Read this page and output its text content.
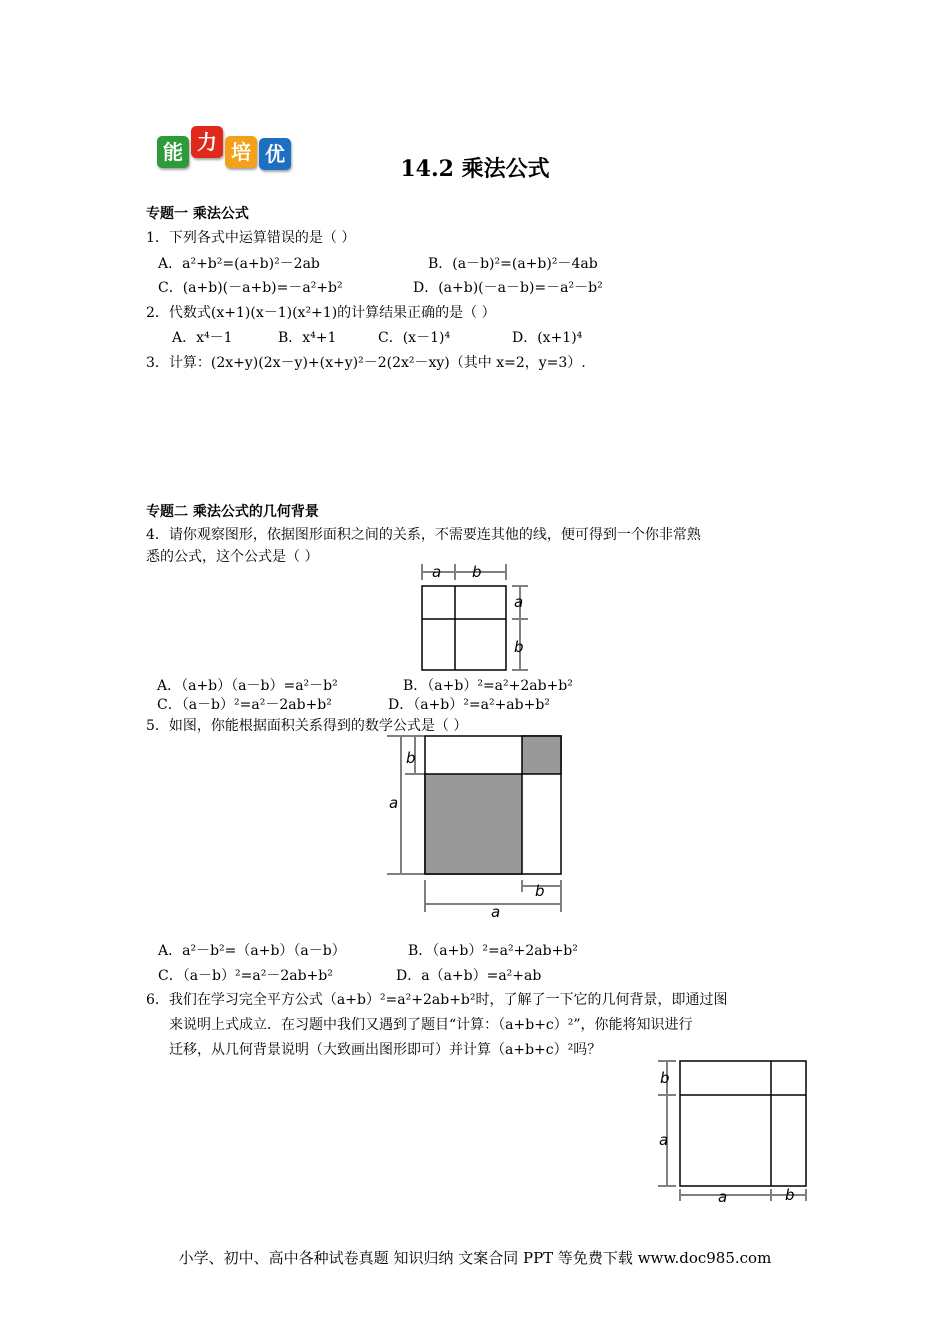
能 力 培 优
14.2 乘法公式
专题一 乘法公式
1．下列各式中运算错误的是（ ）
A．a²+b²=(a+b)²－2ab	B．(a－b)²=(a+b)²－4ab
C．(a+b)(－a+b)=－a²+b²	D．(a+b)(－a－b)=－a²－b²
2．代数式(x+1)(x－1)(x²+1)的计算结果正确的是（ ）
A．x⁴－1	B．x⁴+1	C．(x－1)⁴	D．(x+1)⁴
3．计算：(2x+y)(2x－y)+(x+y)²－2(2x²－xy)（其中 x=2，y=3）.
专题二 乘法公式的几何背景
4．请你观察图形，依据图形面积之间的关系，不需要连其他的线，便可得到一个你非常熟
悉的公式，这个公式是（ ）
a b
a
b
A．（a+b）（a－b）=a²－b²	B．（a+b）²=a²+2ab+b²
C．（a－b）²=a²－2ab+b²	D．（a+b）²=a²+ab+b²
5．如图，你能根据面积关系得到的数学公式是（ ）
b
a
b
a
A．a²－b²=（a+b）（a－b）	B．（a+b）²=a²+2ab+b²
C．（a－b）²=a²－2ab+b²	D．a（a+b）=a²+ab
6．我们在学习完全平方公式（a+b）²=a²+2ab+b²时，了解了一下它的几何背景，即通过图
来说明上式成立．在习题中我们又遇到了题目“计算：（a+b+c）²”，你能将知识进行
迁移，从几何背景说明（大致画出图形即可）并计算（a+b+c）²吗？
b
a
a	b
小学、初中、高中各种试卷真题 知识归纳 文案合同 PPT 等免费下载 www.doc985.com
